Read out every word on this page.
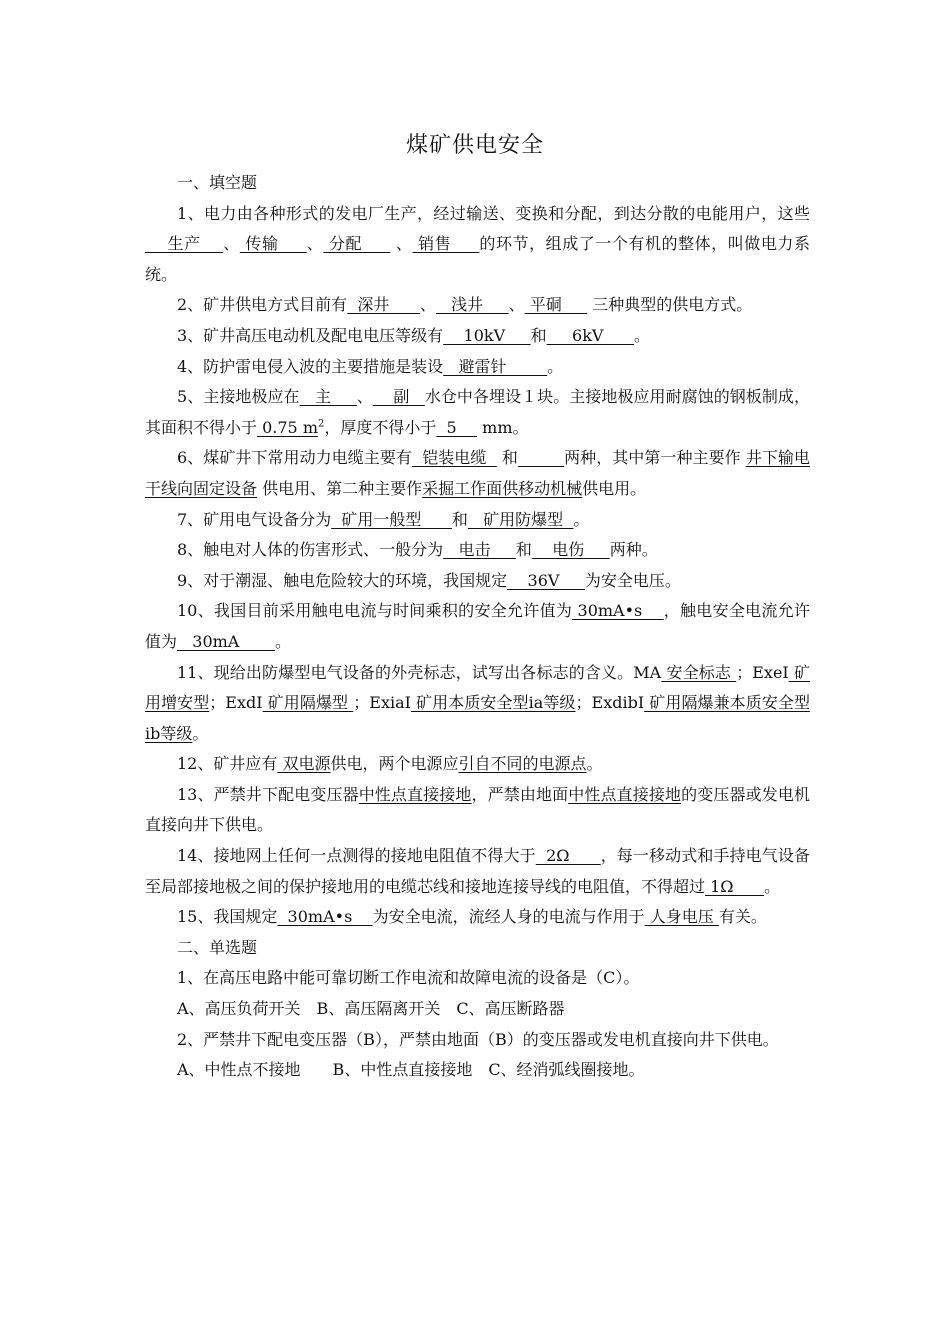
煤矿供电安全

一、填空题

1、电力由各种形式的发电厂生产，经过输送、变换和分配，到达分散的电能用户，这些    生产    、 传输     、 分配      、 销售     的环节，组成了一个有机的整体，叫做电力系统。

2、矿井供电方式目前有  深井      、   浅井     、 平硐      三种典型的供电方式。

3、矿井高压电动机及配电电压等级有    10kV     和     6kV      。

4、防护雷电侵入波的主要措施是装设   避雷针        。

5、主接地极应在   主     、    副   水仓中各埋设１块。主接地极应用耐腐蚀的钢板制成，其面积不得小于 0.75 $m^2$，厚度不得小于  5     mm。

6、煤矿井下常用动力电缆主要有  铠装电缆   和	两种，其中第一种主要作 井下输电干线向固定设备 供电用、第二种主要作采掘工作面供移动机械供电用。

7、矿用电气设备分为  矿用一般型      和   矿用防爆型  。

8、触电对人体的伤害形式、一般分为   电击     和    电伤     两种。

9、对于潮湿、触电危险较大的环境，我国规定    36V     为安全电压。

10、我国目前采用触电电流与时间乘积的安全允许值为 30mA•s    ，触电安全电流允许值为   30mA       。

11、现给出防爆型电气设备的外壳标志，试写出各标志的含义。MA 安全标志 ；ExeI 矿用增安型；ExdI 矿用隔爆型 ；ExiaI 矿用本质安全型ia等级；ExdibI 矿用隔爆兼本质安全型ib等级。

12、矿井应有 双电源供电，两个电源应引自不同的电源点。

13、严禁井下配电变压器中性点直接接地，严禁由地面中性点直接接地的变压器或发电机直接向井下供电。

14、接地网上任何一点测得的接地电阻值不得大于  2Ω      ，每一移动式和手持电气设备至局部接地极之间的保护接地用的电缆芯线和接地连接导线的电阻值，不得超过 1Ω      。

15、我国规定  30mA•s    为安全电流，流经人身的电流与作用于 人身电压 有关。

二、单选题

1、在高压电路中能可靠切断工作电流和故障电流的设备是（C）。

A、高压负荷开关　B、高压隔离开关　C、高压断路器

2、严禁井下配电变压器（B），严禁由地面（B）的变压器或发电机直接向井下供电。

A、中性点不接地　　B、中性点直接接地　C、经消弧线圈接地。
